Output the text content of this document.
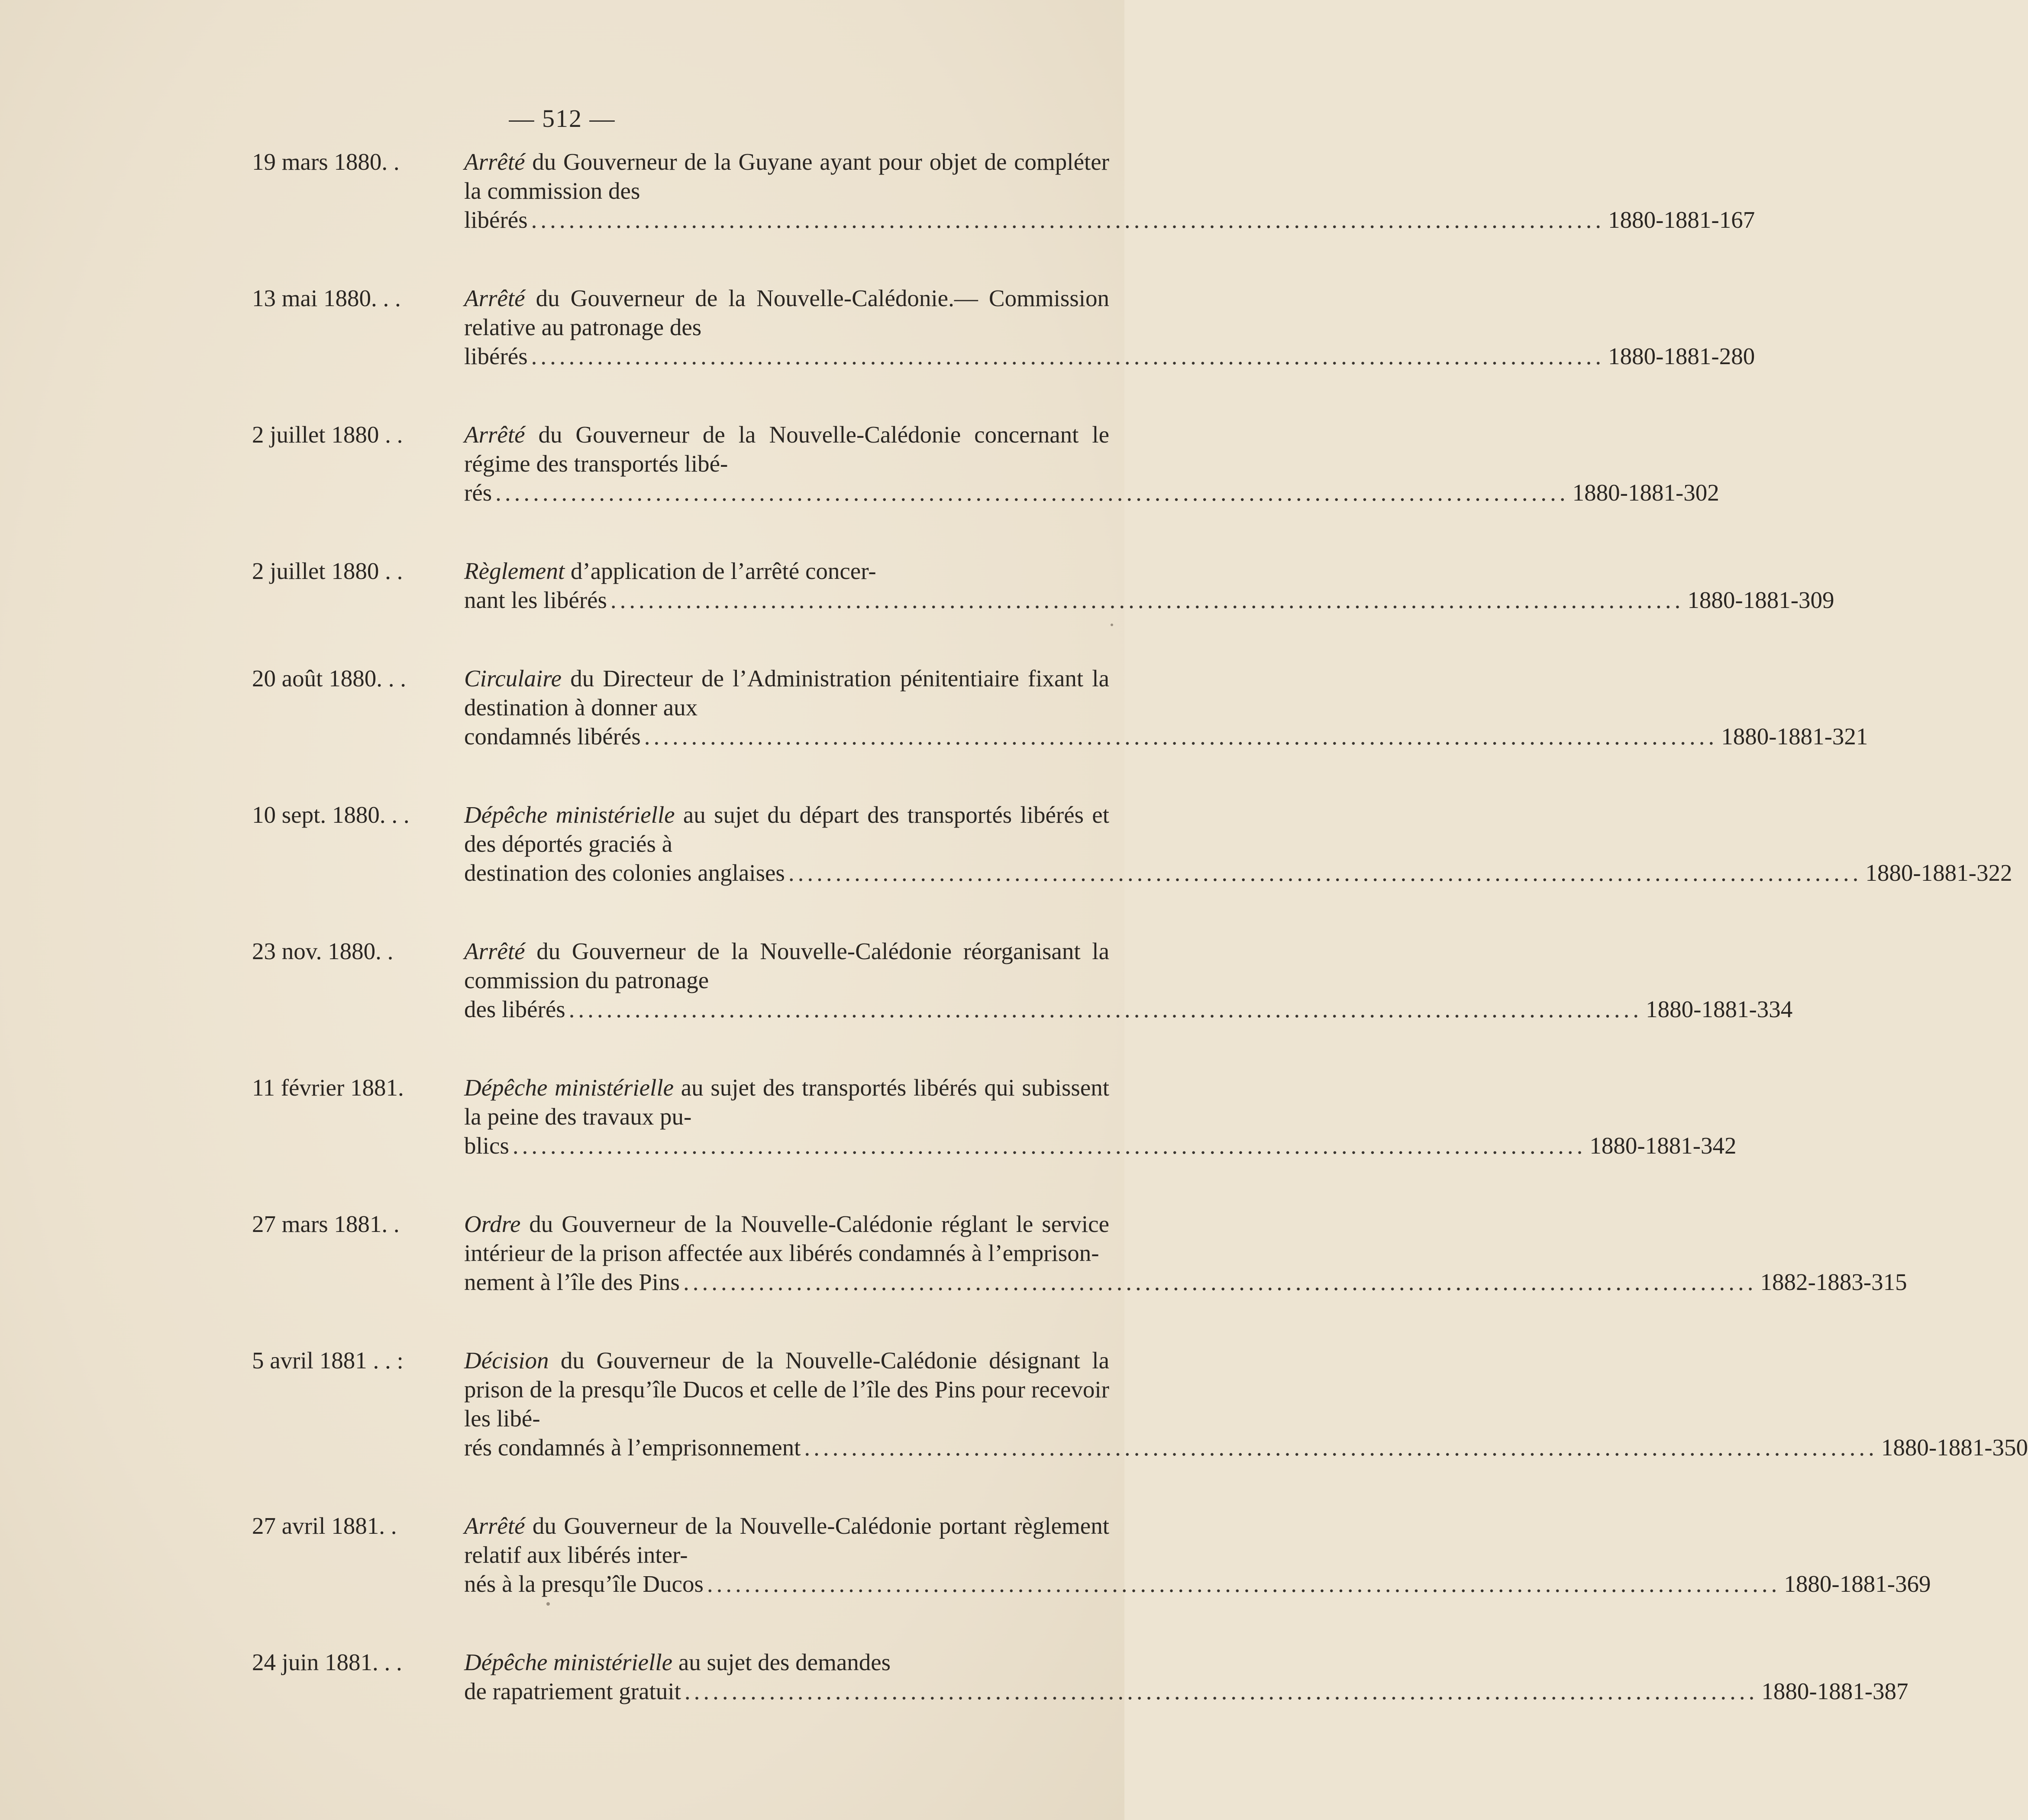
— 512 —
19 mars 1880. .	Arrêté du Gouverneur de la Guyane ayant pour objet de compléter la commission des

libérés .................................................................................................................. 1880-1881-167
13 mai 1880. . .	Arrêté du Gouverneur de la Nouvelle-Calédonie.— Commission relative au patronage des

libérés .................................................................................................................. 1880-1881-280
2 juillet 1880 . .	Arrêté du Gouverneur de la Nouvelle-Calédonie concernant le régime des transportés libé-

rés .................................................................................................................. 1880-1881-302
2 juillet 1880 . .	Règlement d’application de l’arrêté concer-

nant les libérés .................................................................................................................. 1880-1881-309
20 août 1880. . .	Circulaire du Directeur de l’Administration pénitentiaire fixant la destination à donner aux

condamnés libérés .................................................................................................................. 1880-1881-321
10 sept. 1880. . .	Dépêche ministérielle au sujet du départ des transportés libérés et des déportés graciés à

destination des colonies anglaises .................................................................................................................. 1880-1881-322
23 nov. 1880. .	Arrêté du Gouverneur de la Nouvelle-Calédonie réorganisant la commission du patronage

des libérés .................................................................................................................. 1880-1881-334
11 février 1881.	Dépêche ministérielle au sujet des transportés libérés qui subissent la peine des travaux pu-

blics .................................................................................................................. 1880-1881-342
27 mars 1881. .	Ordre du Gouverneur de la Nouvelle-Calédonie réglant le service intérieur de la prison affectée aux libérés condamnés à l’emprison-

nement à l’île des Pins .................................................................................................................. 1882-1883-315
5 avril 1881 . . :	Décision du Gouverneur de la Nouvelle-Calédonie désignant la prison de la presqu’île Ducos et celle de l’île des Pins pour recevoir les libé-

rés condamnés à l’emprisonnement .................................................................................................................. 1880-1881-350
27 avril 1881. .	Arrêté du Gouverneur de la Nouvelle-Calédonie portant règlement relatif aux libérés inter-

nés à la presqu’île Ducos .................................................................................................................. 1880-1881-369
24 juin 1881. . .	Dépêche ministérielle au sujet des demandes

de rapatriement gratuit .................................................................................................................. 1880-1881-387
